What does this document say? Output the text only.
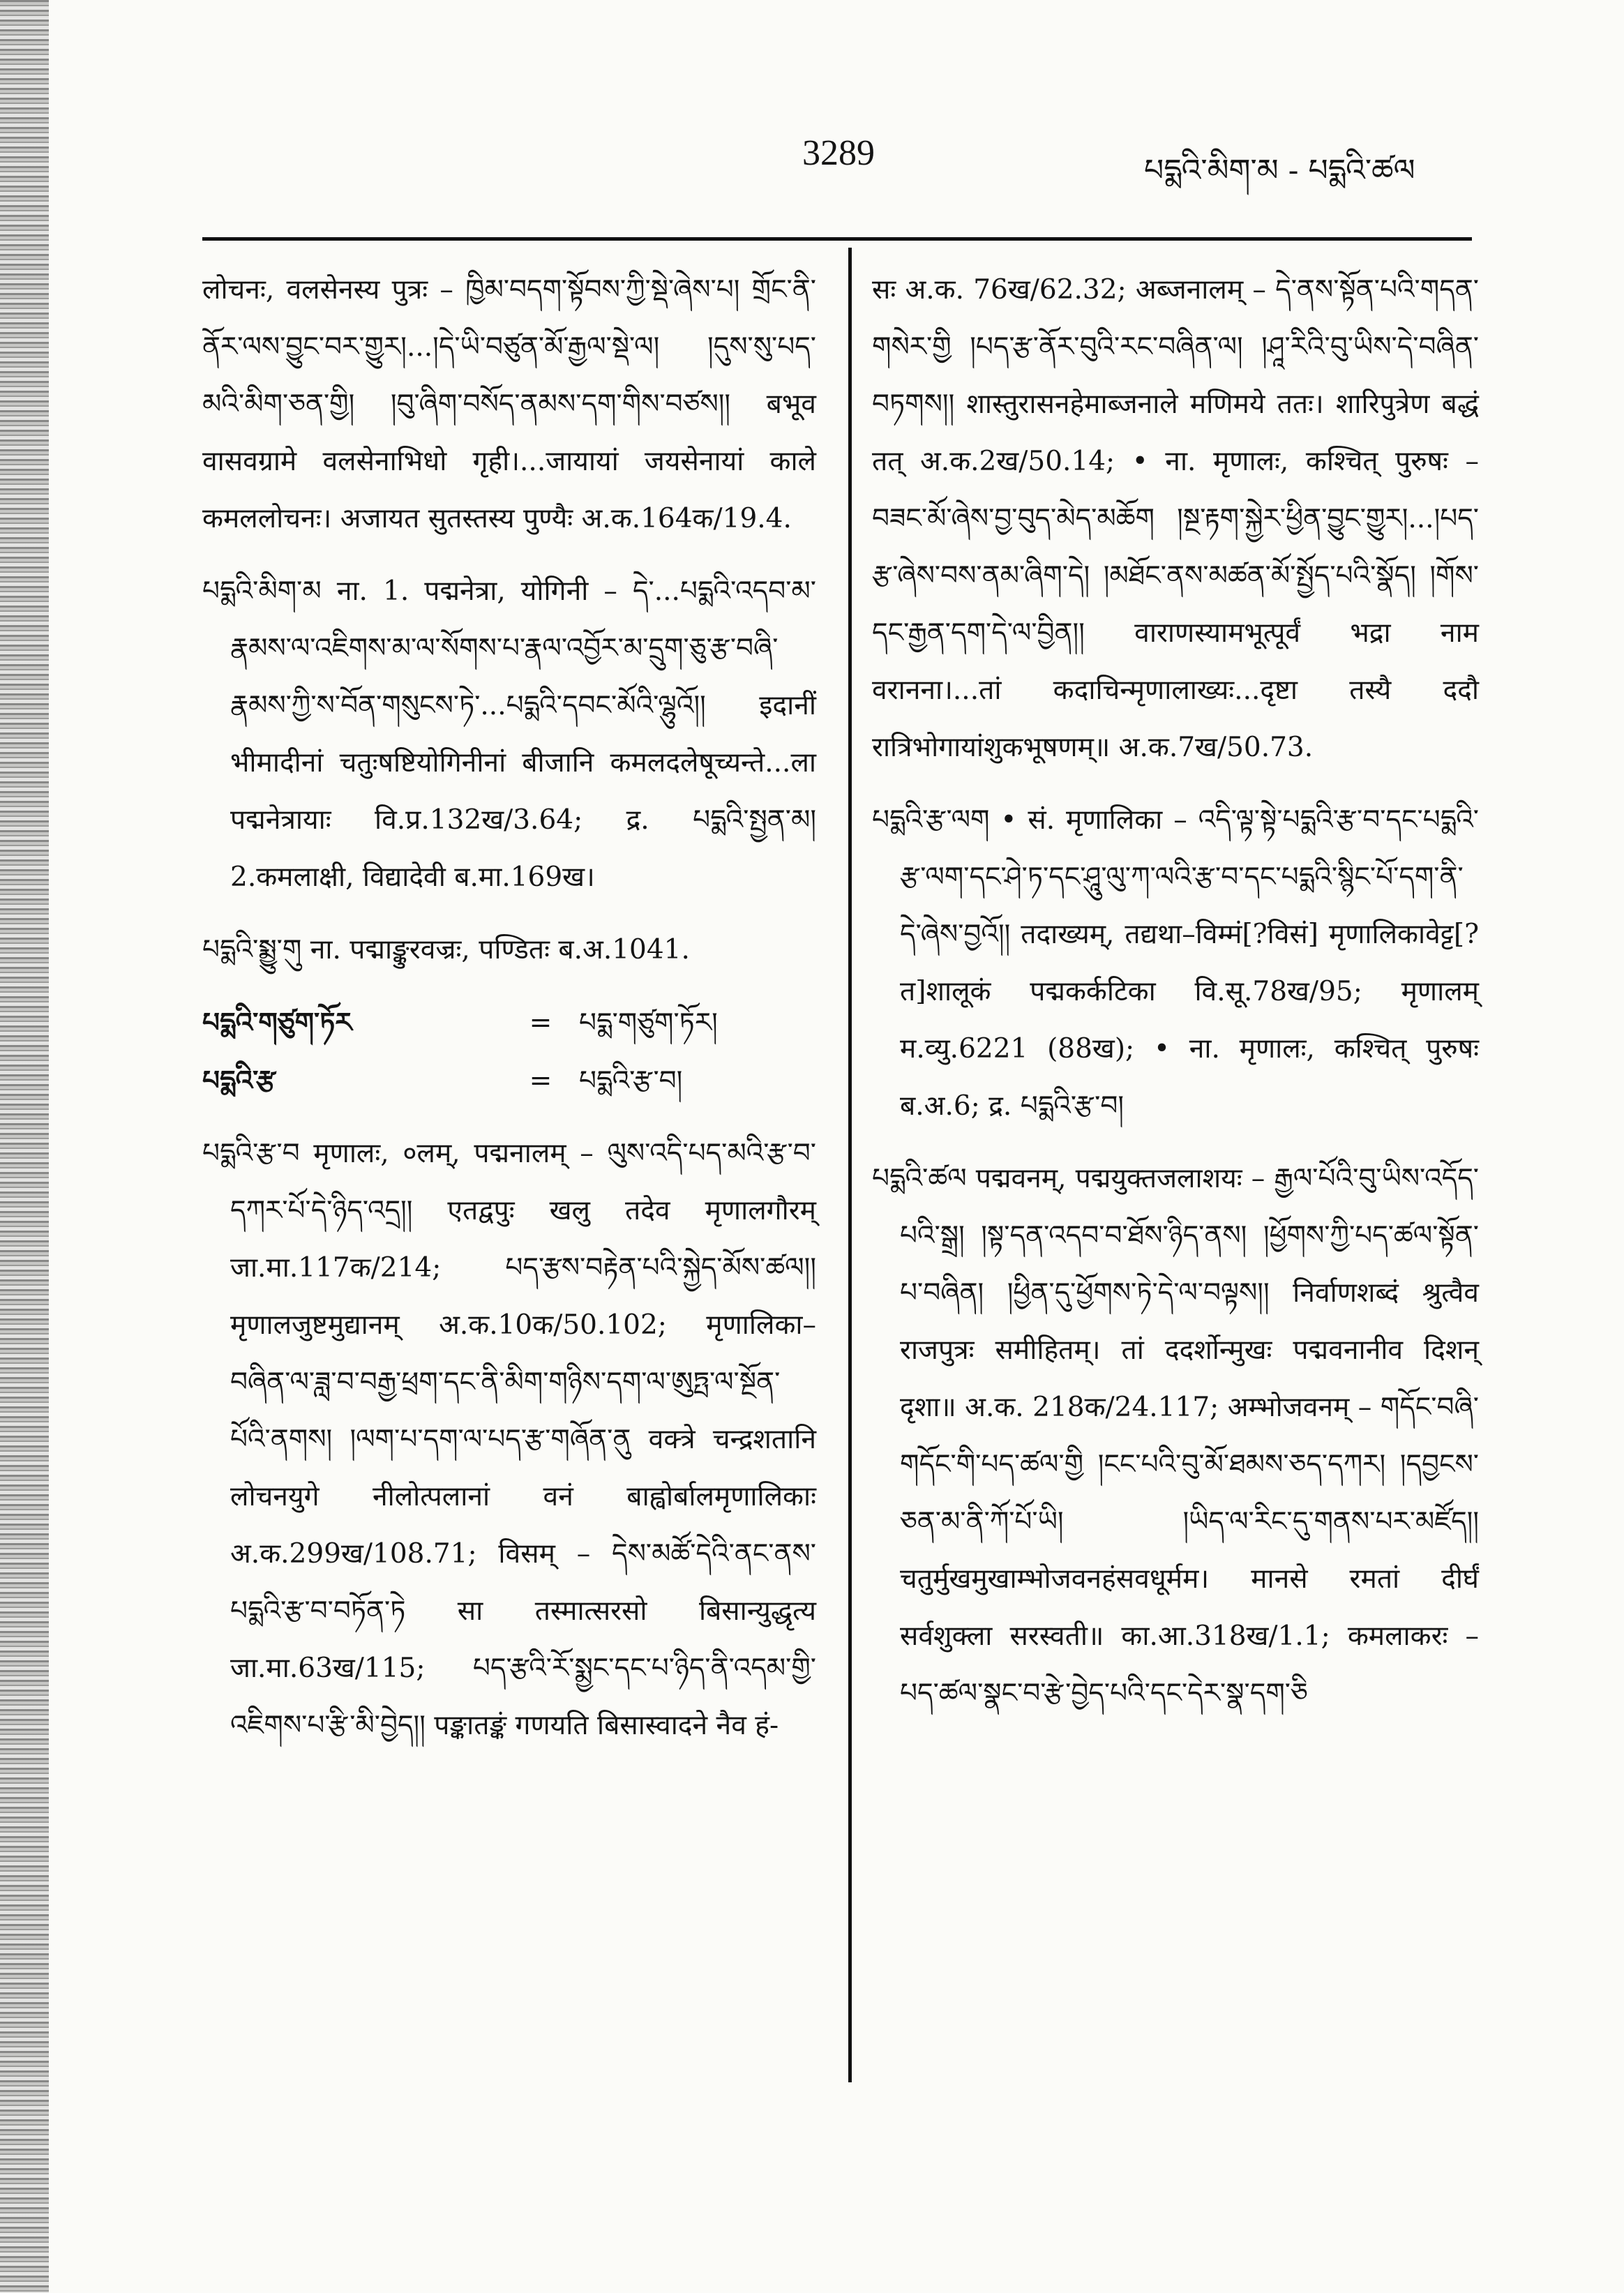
3289	པདྨའི་མིག་མ - པདྨའི་ཚལ

लोचनः, वलसेनस्य पुत्रः – ཁྱིམ་བདག་སྟོབས་ཀྱི་སྡེ་ཞེས་པ། གྲོང་ནི་ནོར་ལས་བྱུང་བར་གྱུར།...།དེ་ཡི་བཙུན་མོ་རྒྱལ་སྡེ་ལ། །དུས་སུ་པད་མའི་མིག་ཅན་གྱི། །བུ་ཞིག་བསོད་ནམས་དག་གིས་བཙས།། बभूव वासवग्रामे वलसेनाभिधो गृही।...जायायां जयसेनायां काले कमललोचनः। अजायत सुतस्तस्य पुण्यैः अ.क.164क/19.4.

པདྨའི་མིག་མ ना. 1. पद्मनेत्रा, योगिनी – དེ་...པདྨའི་འདབ་མ་རྣམས་ལ་འཇིགས་མ་ལ་སོགས་པ་རྣལ་འབྱོར་མ་དྲུག་ཅུ་རྩ་བཞི་རྣམས་ཀྱི་ས་བོན་གསུངས་ཏེ་...པདྨའི་དབང་མོའི་ལྷུའོ།། इदानीं भीमादीनां चतुःषष्टियोगिनीनां बीजानि कमलदलेषूच्यन्ते...ला पद्मनेत्रायाः वि.प्र.132ख/3.64; द्र. པདྨའི་སྤྱན་མ། 2.कमलाक्षी, विद्यादेवी ब.मा.169ख।

པདྨའི་སྨྱུ་གུ ना. पद्माङ्कुरवज्रः, पण्डितः ब.अ.1041.

པདྨའི་གཙུག་ཏོར	= པདྨ་གཙུག་ཏོར།
པདྨའི་རྩ	= པདྨའི་རྩ་བ།

པདྨའི་རྩ་བ मृणालः, ०लम्, पद्मनालम् – ལུས་འདི་པད་མའི་རྩ་བ་དཀར་པོ་དེ་ཉིད་འདྲ།། एतद्वपुः खलु तदेव मृणालगौरम् जा.मा.117क/214; པད་རྩས་བརྟེན་པའི་སྐྱེད་མོས་ཚལ།། मृणालजुष्टमुद्यानम् अ.क.10क/50.102; मृणालिका– བཞིན་ལ་ཟླ་བ་བརྒྱ་ཕྲག་དང་ནི་མིག་གཉིས་དག་ལ་ཨུཏྤ་ལ་སྔོན་པོའི་ནགས། །ལག་པ་དག་ལ་པད་རྩ་གཞོན་ནུ वक्त्रे चन्द्रशतानि लोचनयुगे नीलोत्पलानां वनं बाह्वोर्बालमृणालिकाः अ.क.299ख/108.71; विसम् – དེས་མཚོ་དེའི་ནང་ནས་པདྨའི་རྩ་བ་བཏོན་ཏེ सा तस्मात्सरसो बिसान्युद्धृत्य जा.मा.63ख/115; པད་རྩའི་རོ་སྨྱང་དང་པ་ཉིད་ནི་འདམ་གྱི་འཇིགས་པ་རྩི་མི་བྱེད།། पङ्कातङ्कं गणयति बिसास्वादने नैव हं-

सः अ.क. 76ख/62.32; अब्जनालम् – དེ་ནས་སྟོན་པའི་གདན་གསེར་གྱི །པད་རྩ་ནོར་བུའི་རང་བཞིན་ལ། །ཤཱ་རིའི་བུ་ཡིས་དེ་བཞིན་བཏགས།། शास्तुरासनहेमाब्जनाले मणिमये ततः। शारिपुत्रेण बद्धं तत् अ.क.2ख/50.14; • ना. मृणालः, कश्चित् पुरुषः – བཟང་མོ་ཞེས་བྱ་བུད་མེད་མཆོག །སྔ་རྟག་སྐྱེར་ཕྱིན་བྱུང་གྱུར།...།པད་རྩ་ཞེས་བས་ནམ་ཞིག་དེ། །མཐོང་ནས་མཚན་མོ་སྤྱོད་པའི་སྣོད། །གོས་དང་རྒྱན་དག་དེ་ལ་བྱིན།། वाराणस्यामभूत्पूर्वं भद्रा नाम वरानना।...तां कदाचिन्मृणालाख्यः...दृष्टा तस्यै ददौ रात्रिभोगायांशुकभूषणम्॥ अ.क.7ख/50.73.

པདྨའི་རྩ་ལག • सं. मृणालिका – འདི་ལྟ་སྟེ་པདྨའི་རྩ་བ་དང་པདྨའི་རྩ་ལག་དང་ཤེ་ཏ་དང་ཤཱུ་ལུ་ཀ་ལའི་རྩ་བ་དང་པདྨའི་སྙིང་པོ་དག་ནི་དེ་ཞེས་བྱའོ།། तदाख्यम्, तद्यथा–विम्मं[?विसं] मृणालिकावेट्ट[?त]शालूकं पद्मकर्कटिका वि.सू.78ख/95; मृणालम् म.व्यु.6221 (88ख); • ना. मृणालः, कश्चित् पुरुषः ब.अ.6; द्र. པདྨའི་རྩ་བ།

པདྨའི་ཚལ पद्मवनम्, पद्मयुक्तजलाशयः – རྒྱལ་པོའི་བུ་ཡིས་འདོད་པའི་སྒྲ། །སྟ་དན་འདབ་བ་ཐོས་ཉིད་ནས། །ཕྱོགས་ཀྱི་པད་ཚལ་སྟོན་པ་བཞིན། །ཕྱིན་དུ་ཕྱོགས་ཏེ་དེ་ལ་བལྟས།། निर्वाणशब्दं श्रुत्वैव राजपुत्रः समीहितम्। तां ददर्शोन्मुखः पद्मवनानीव दिशन् दृशा॥ अ.क. 218क/24.117; अम्भोजवनम् – གདོང་བཞི་གདོང་གི་པད་ཚལ་གྱི །ངང་པའི་བུ་མོ་ཐམས་ཅད་དཀར། །དབྱངས་ཅན་མ་ནི་ཀོ་པོ་ཡི། །ཡིད་ལ་རིང་དུ་གནས་པར་མཛོད།། चतुर्मुखमुखाम्भोजवनहंसवधूर्मम। मानसे रमतां दीर्घं सर्वशुक्ला सरस्वती॥ का.आ.318ख/1.1; कमलाकरः – པད་ཚལ་སྣང་བ་རྩེ་བྱེད་པའི་དང་དེར་སྣ་དག་ཅི
